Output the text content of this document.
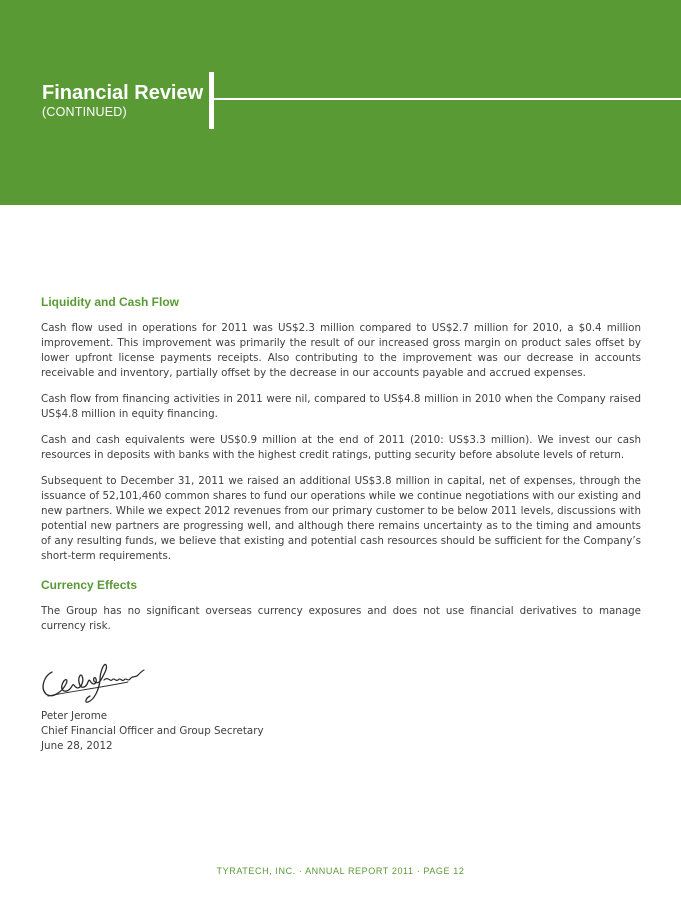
Financial Review
(CONTINUED)
Liquidity and Cash Flow

Cash flow used in operations for 2011 was US$2.3 million compared to US$2.7 million for 2010, a $0.4 million improvement. This improvement was primarily the result of our increased gross margin on product sales offset by lower upfront license payments receipts. Also contributing to the improvement was our decrease in accounts receivable and inventory, partially offset by the decrease in our accounts payable and accrued expenses.

Cash flow from financing activities in 2011 were nil, compared to US$4.8 million in 2010 when the Company raised US$4.8 million in equity financing.

Cash and cash equivalents were US$0.9 million at the end of 2011 (2010: US$3.3 million). We invest our cash resources in deposits with banks with the highest credit ratings, putting security before absolute levels of return.

Subsequent to December 31, 2011 we raised an additional US$3.8 million in capital, net of expenses, through the issuance of 52,101,460 common shares to fund our operations while we continue negotiations with our existing and new partners. While we expect 2012 revenues from our primary customer to be below 2011 levels, discussions with potential new partners are progressing well, and although there remains uncertainty as to the timing and amounts of any resulting funds, we believe that existing and potential cash resources should be sufficient for the Company’s short-term requirements.

Currency Effects

The Group has no significant overseas currency exposures and does not use financial derivatives to manage currency risk.

Peter Jerome
Chief Financial Officer and Group Secretary
June 28, 2012
TYRATECH, INC. · ANNUAL REPORT 2011 · PAGE 12
